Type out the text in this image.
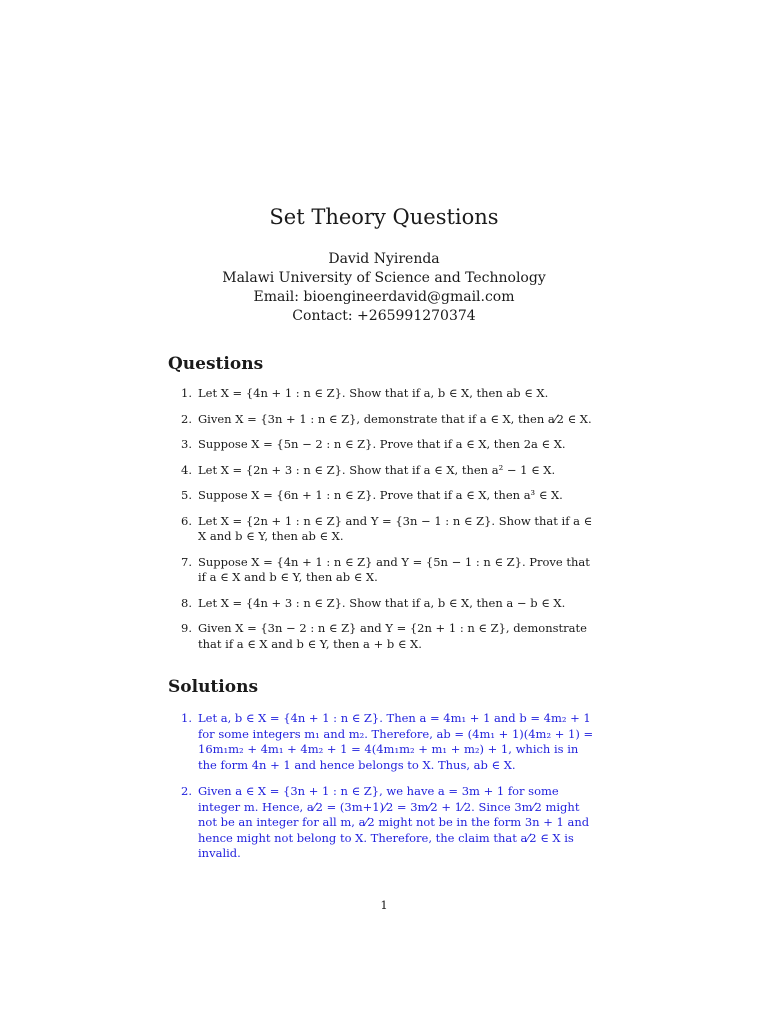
Set Theory Questions
David Nyirenda
Malawi University of Science and Technology
Email: bioengineerdavid@gmail.com
Contact: +265991270374
Questions
1. Let X = {4n + 1 : n ∈ Z}. Show that if a, b ∈ X, then ab ∈ X.
2. Given X = {3n + 1 : n ∈ Z}, demonstrate that if a ∈ X, then a⁄2 ∈ X.
3. Suppose X = {5n − 2 : n ∈ Z}. Prove that if a ∈ X, then 2a ∈ X.
4. Let X = {2n + 3 : n ∈ Z}. Show that if a ∈ X, then a² − 1 ∈ X.
5. Suppose X = {6n + 1 : n ∈ Z}. Prove that if a ∈ X, then a³ ∈ X.
6. Let X = {2n + 1 : n ∈ Z} and Y = {3n − 1 : n ∈ Z}. Show that if a ∈ X and b ∈ Y, then ab ∈ X.
7. Suppose X = {4n + 1 : n ∈ Z} and Y = {5n − 1 : n ∈ Z}. Prove that if a ∈ X and b ∈ Y, then ab ∈ X.
8. Let X = {4n + 3 : n ∈ Z}. Show that if a, b ∈ X, then a − b ∈ X.
9. Given X = {3n − 2 : n ∈ Z} and Y = {2n + 1 : n ∈ Z}, demonstrate that if a ∈ X and b ∈ Y, then a + b ∈ X.
Solutions
1. Let a, b ∈ X = {4n + 1 : n ∈ Z}. Then a = 4m₁ + 1 and b = 4m₂ + 1 for some integers m₁ and m₂. Therefore, ab = (4m₁ + 1)(4m₂ + 1) = 16m₁m₂ + 4m₁ + 4m₂ + 1 = 4(4m₁m₂ + m₁ + m₂) + 1, which is in the form 4n + 1 and hence belongs to X. Thus, ab ∈ X.
2. Given a ∈ X = {3n + 1 : n ∈ Z}, we have a = 3m + 1 for some integer m. Hence, a⁄2 = (3m+1)⁄2 = 3m⁄2 + 1⁄2. Since 3m⁄2 might not be an integer for all m, a⁄2 might not be in the form 3n + 1 and hence might not belong to X. Therefore, the claim that a⁄2 ∈ X is invalid.
1
